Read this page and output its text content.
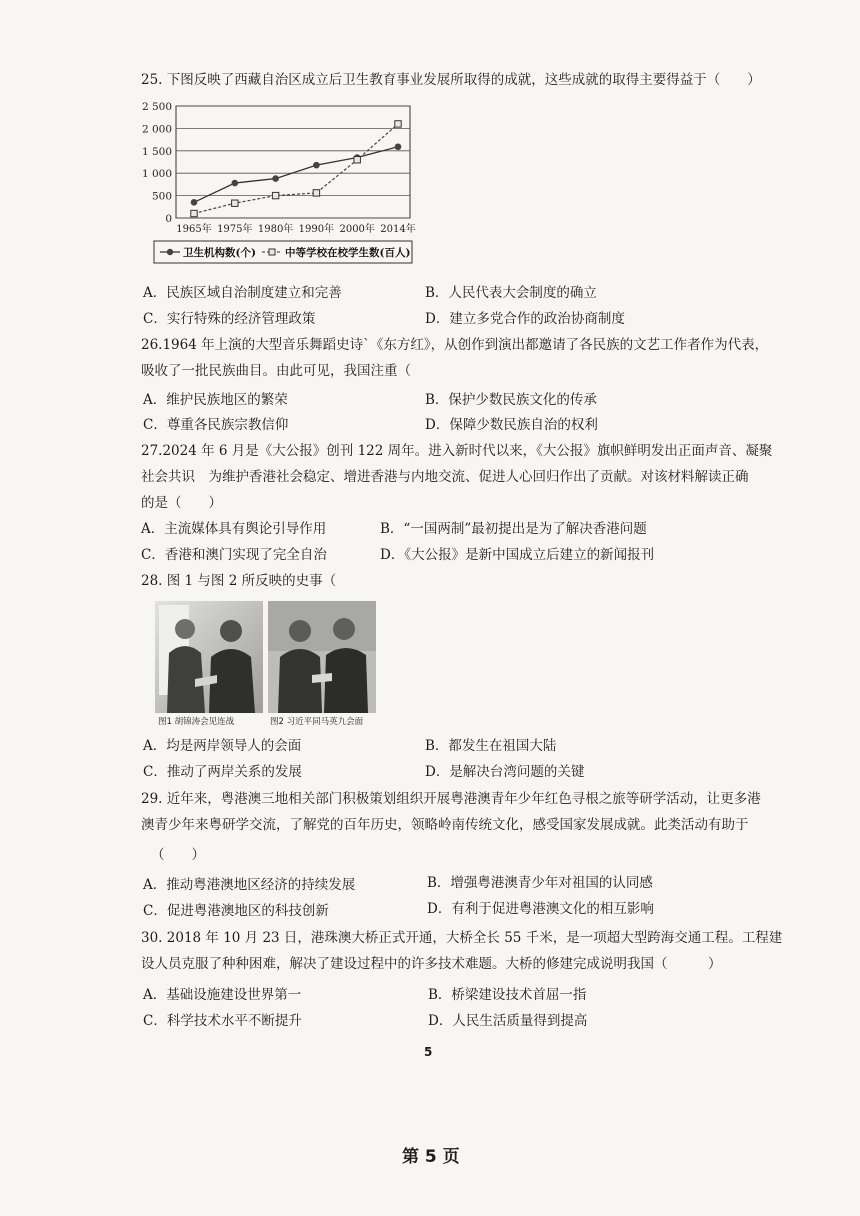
25. 下图反映了西藏自治区成立后卫生教育事业发展所取得的成就，这些成就的取得主要得益于（　　）
2 500
2 000
1 500
1 000
500
0
1965年 1975年 1980年 1990年 2000年 2014年
卫生机构数(个)	中等学校在校学生数(百人)
A．民族区域自治制度建立和完善	B．人民代表大会制度的确立
C．实行特殊的经济管理政策	D．建立多党合作的政治协商制度
26.1964 年上演的大型音乐舞蹈史诗`《东方红》，从创作到演出都邀请了各民族的文艺工作者作为代表，
吸收了一批民族曲目。由此可见，我国注重（
A．维护民族地区的繁荣	B．保护少数民族文化的传承
C．尊重各民族宗教信仰	D．保障少数民族自治的权利
27.2024 年 6 月是《大公报》创刊 122 周年。进入新时代以来，《大公报》旗帜鲜明发出正面声音、凝聚
社会共识　为维护香港社会稳定、增进香港与内地交流、促进人心回归作出了贡献。对该材料解读正确
的是（　　）
A．主流媒体具有舆论引导作用	B．“一国两制”最初提出是为了解决香港问题
C．香港和澳门实现了完全自治	D．《大公报》是新中国成立后建立的新闻报刊
28. 图 1 与图 2 所反映的史事（
图1 胡锦涛会见连战	图2 习近平同马英九会面
A．均是两岸领导人的会面	B．都发生在祖国大陆
C．推动了两岸关系的发展	D．是解决台湾问题的关键
29. 近年来，粤港澳三地相关部门积极策划组织开展粤港澳青年少年红色寻根之旅等研学活动，让更多港
澳青少年来粤研学交流，了解党的百年历史，领略岭南传统文化，感受国家发展成就。此类活动有助于
（　　）
A．推动粤港澳地区经济的持续发展	B．增强粤港澳青少年对祖国的认同感
C．促进粤港澳地区的科技创新	D．有利于促进粤港澳文化的相互影响
30. 2018 年 10 月 23 日，港珠澳大桥正式开通，大桥全长 55 千米，是一项超大型跨海交通工程。工程建
设人员克服了种种困难，解决了建设过程中的许多技术难题。大桥的修建完成说明我国（　　　）
A．基础设施建设世界第一	B．桥梁建设技术首屈一指
C．科学技术水平不断提升	D．人民生活质量得到提高
5
第 5 页
